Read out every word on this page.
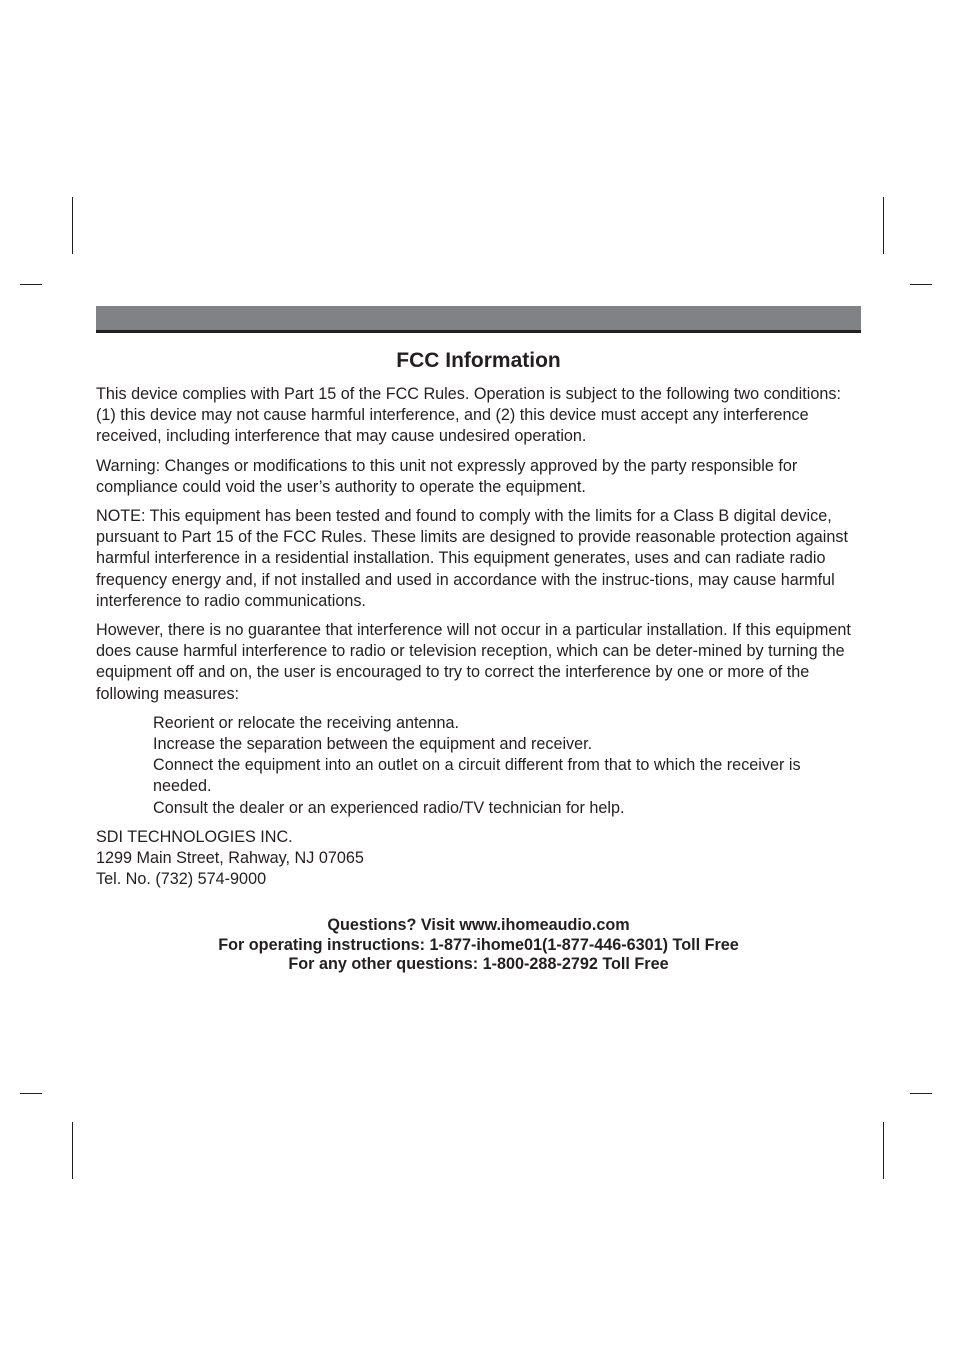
FCC Information

This device complies with Part 15 of the FCC Rules. Operation is subject to the following two conditions:
(1) this device may not cause harmful interference, and (2) this device must accept any interference received, including interference that may cause undesired operation.

Warning: Changes or modifications to this unit not expressly approved by the party responsible for compliance could void the user’s authority to operate the equipment.

NOTE: This equipment has been tested and found to comply with the limits for a Class B digital device, pursuant to Part 15 of the FCC Rules. These limits are designed to provide reasonable protection against harmful interference in a residential installation. This equipment generates, uses and can radiate radio frequency energy and, if not installed and used in accordance with the instruc-tions, may cause harmful
interference to radio communications.

However, there is no guarantee that interference will not occur in a particular installation. If this equipment does cause harmful interference to radio or television reception, which can be deter-mined by turning the equipment off and on, the user is encouraged to try to correct the interference by one or more of the following measures:

Reorient or relocate the receiving antenna.
Increase the separation between the equipment and receiver.
Connect the equipment into an outlet on a circuit different from that to which the receiver is needed.
Consult the dealer or an experienced radio/TV technician for help.
SDI TECHNOLOGIES INC.
1299 Main Street, Rahway, NJ 07065
Tel. No. (732) 574-9000
Questions? Visit www.ihomeaudio.com
For operating instructions: 1-877-ihome01(1-877-446-6301) Toll Free
For any other questions: 1-800-288-2792 Toll Free
